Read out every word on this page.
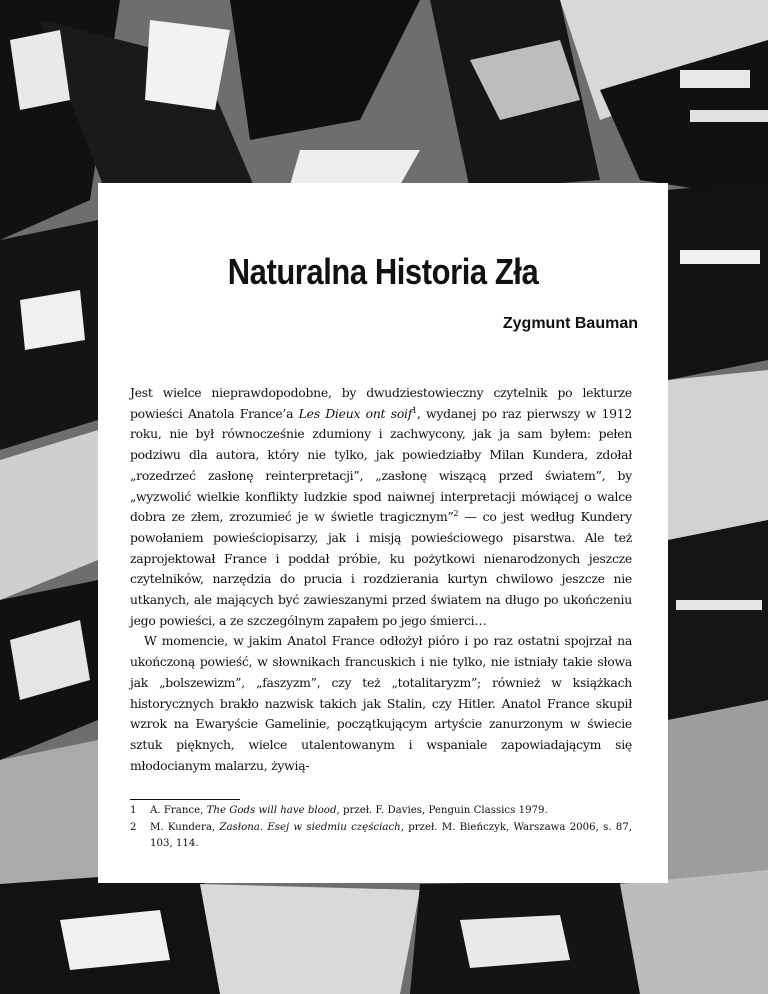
Naturalna Historia Zła

Zygmunt Bauman

Jest wielce nieprawdopodobne, by dwudziestowieczny czytelnik po lekturze powieści Anatola France’a Les Dieux ont soif$^1$, wydanej po raz pierwszy w 1912 roku, nie był równocześnie zdumiony i zachwycony, jak ja sam byłem: pełen podziwu dla autora, który nie tylko, jak powiedziałby Milan Kundera, zdołał „rozedrzeć zasłonę reinterpretacji”, „zasłonę wiszącą przed światem”, by „wyzwolić wielkie konflikty ludzkie spod naiwnej interpretacji mówiącej o walce dobra ze złem, zrozumieć je w świetle tragicznym”$^2$ — co jest według Kundery powołaniem powieściopisarzy, jak i misją powieściowego pisarstwa. Ale też zaprojektował France i poddał próbie, ku pożytkowi nienarodzonych jeszcze czytelników, narzędzia do prucia i rozdzierania kurtyn chwilowo jeszcze nie utkanych, ale mających być zawieszanymi przed światem na długo po ukończeniu jego powieści, a ze szczególnym zapałem po jego śmierci…

W momencie, w jakim Anatol France odłożył pióro i po raz ostatni spojrzał na ukończoną powieść, w słownikach francuskich i nie tylko, nie istniały takie słowa jak „bolszewizm”, „faszyzm”, czy też „totalitaryzm”; również w książkach historycznych brakło nazwisk takich jak Stalin, czy Hitler. Anatol France skupił wzrok na Ewaryście Gamelinie, początkującym artyście zanurzonym w świecie sztuk pięknych, wielce utalentowanym i wspaniale zapowiadającym się młodocianym malarzu, żywią-

1 A. France, The Gods will have blood, przeł. F. Davies, Penguin Classics 1979.
2 M. Kundera, Zasłona. Esej w siedmiu częściach, przeł. M. Bieńczyk, Warszawa 2006, s. 87, 103, 114.
